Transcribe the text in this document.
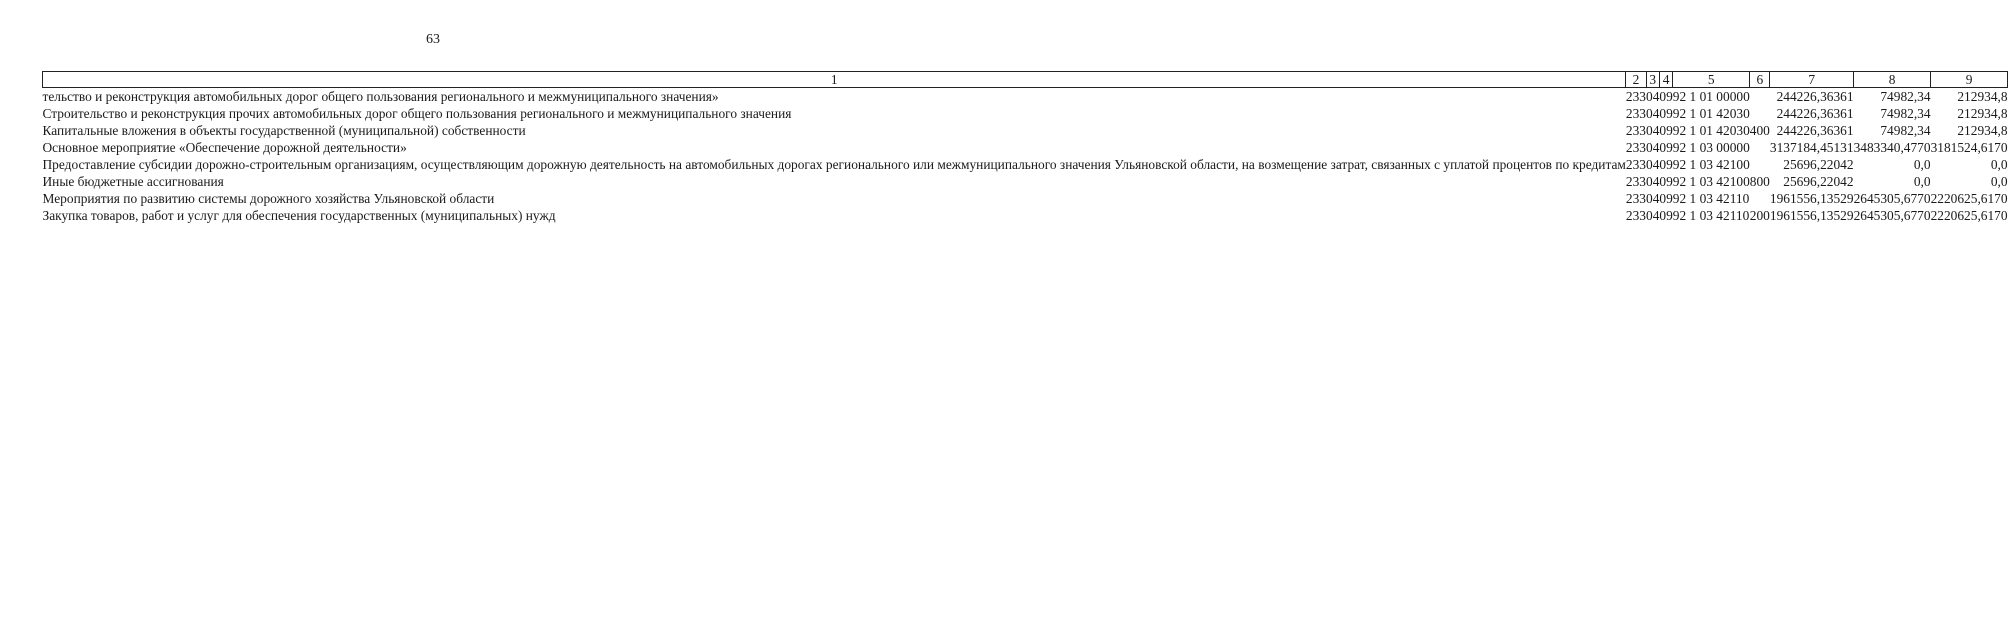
63
1	2	3	4	5	6	7	8	9
тельство и реконструкция автомобильных дорог общего пользования регионального и межмуниципального значения»	233	04	09	92 1 01 00000		244226,36361	74982,34	212934,8
Строительство и реконструкция прочих автомобильных дорог общего пользования регионального и межмуниципального значения	233	04	09	92 1 01 42030		244226,36361	74982,34	212934,8
Капитальные вложения в объекты государственной (муниципальной) собственности	233	04	09	92 1 01 42030	400	244226,36361	74982,34	212934,8
Основное мероприятие «Обеспечение дорожной деятельности»	233	04	09	92 1 03 00000		3137184,45131	3483340,4770	3181524,6170
Предоставление субсидии дорожно-строительным организациям, осуществляющим дорожную деятельность на автомобильных дорогах регионального или межмуниципального значения Ульяновской области, на возмещение затрат, связанных с уплатой процентов по кредитам	233	04	09	92 1 03 42100		25696,22042	0,0	0,0
Иные бюджетные ассигнования	233	04	09	92 1 03 42100	800	25696,22042	0,0	0,0
Мероприятия по развитию системы дорожного хозяйства Ульяновской области	233	04	09	92 1 03 42110		1961556,13529	2645305,6770	2220625,6170
Закупка товаров, работ и услуг для обеспечения государственных (муниципальных) нужд	233	04	09	92 1 03 42110	200	1961556,13529	2645305,6770	2220625,6170
